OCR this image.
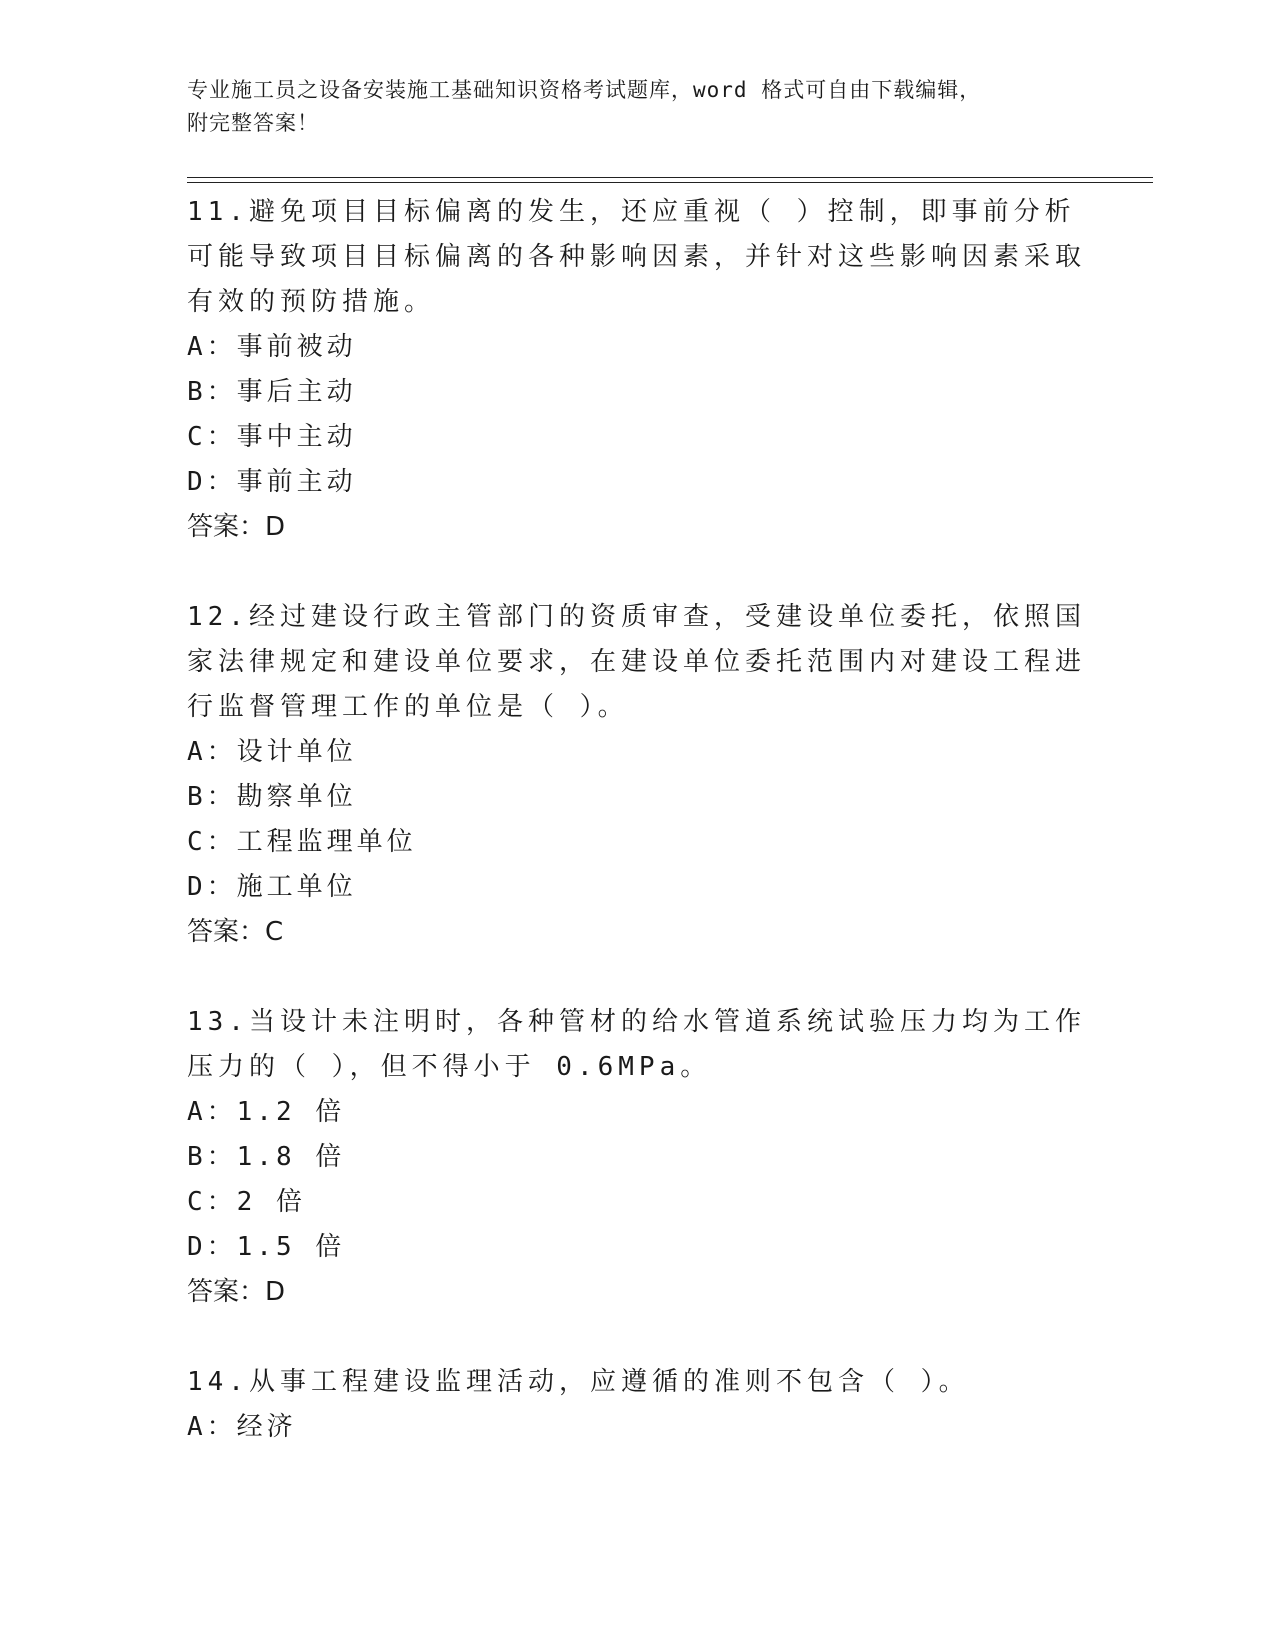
专业施工员之设备安装施工基础知识资格考试题库，word 格式可自由下载编辑，
附完整答案！
11.避免项目目标偏离的发生，还应重视（ ）控制，即事前分析可能导致项目目标偏离的各种影响因素，并针对这些影响因素采取有效的预防措施。
A：事前被动
B：事后主动
C：事中主动
D：事前主动
答案：D
12.经过建设行政主管部门的资质审查，受建设单位委托，依照国家法律规定和建设单位要求，在建设单位委托范围内对建设工程进行监督管理工作的单位是（ ）。
A：设计单位
B：勘察单位
C：工程监理单位
D：施工单位
答案：C
13.当设计未注明时，各种管材的给水管道系统试验压力均为工作压力的（ ），但不得小于 0.6MPa。
A：1.2 倍
B：1.8 倍
C：2 倍
D：1.5 倍
答案：D
14.从事工程建设监理活动，应遵循的准则不包含（ ）。
A：经济
